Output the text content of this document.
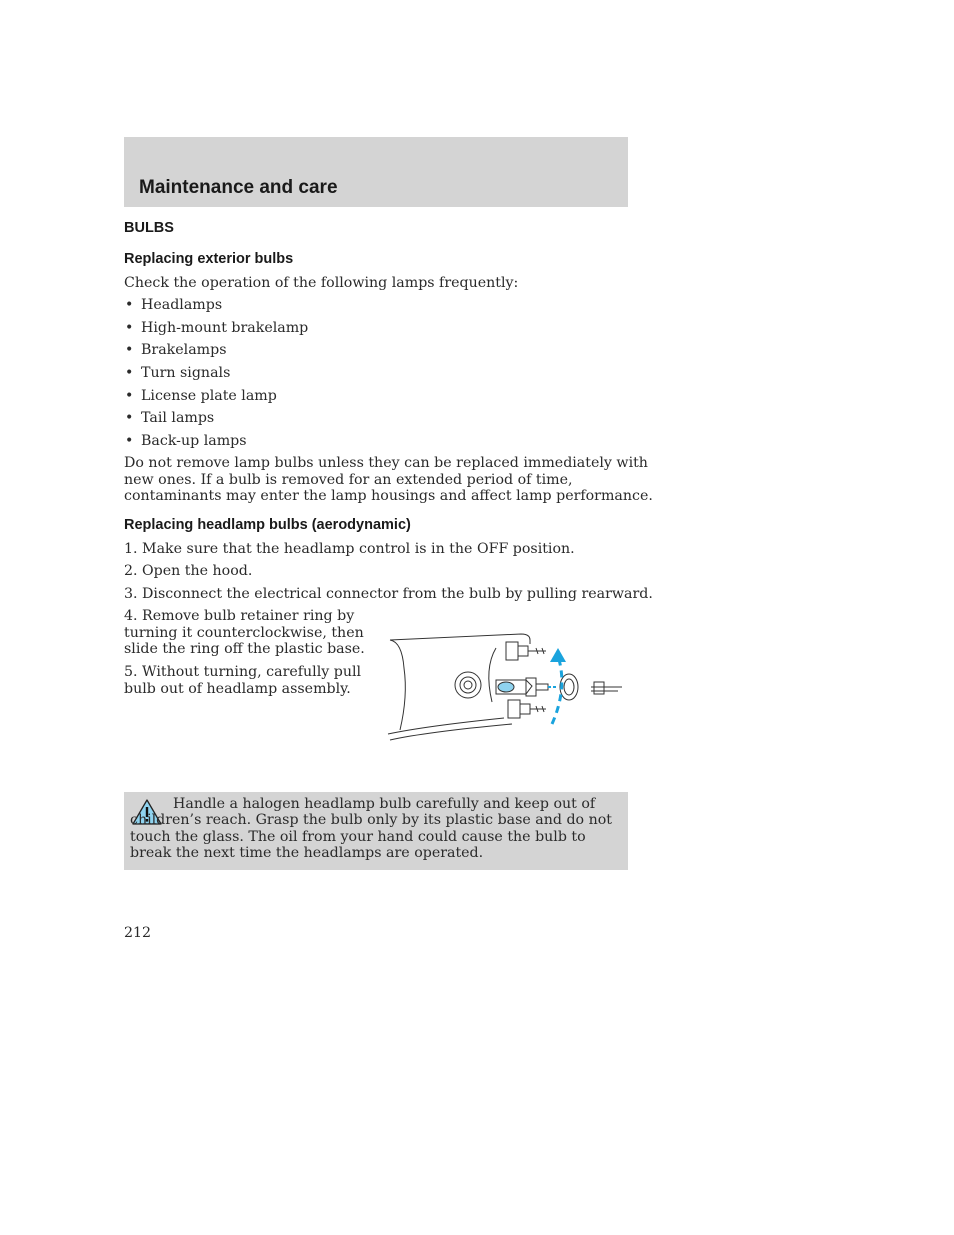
Maintenance and care
BULBS
Replacing exterior bulbs

Check the operation of the following lamps frequently:

• Headlamps
• High-mount brakelamp
• Brakelamps
• Turn signals
• License plate lamp
• Tail lamps
• Back-up lamps

Do not remove lamp bulbs unless they can be replaced immediately with
new ones. If a bulb is removed for an extended period of time,
contaminants may enter the lamp housings and affect lamp performance.

Replacing headlamp bulbs (aerodynamic)

1. Make sure that the headlamp control is in the OFF position.

2. Open the hood.

3. Disconnect the electrical connector from the bulb by pulling rearward.

4. Remove bulb retainer ring by
turning it counterclockwise, then
slide the ring off the plastic base.

5. Without turning, carefully pull
bulb out of headlamp assembly.

Handle a halogen headlamp bulb carefully and keep out of children’s reach. Grasp the bulb only by its plastic base and do not touch the glass. The oil from your hand could cause the bulb to break the next time the headlamps are operated.

212
